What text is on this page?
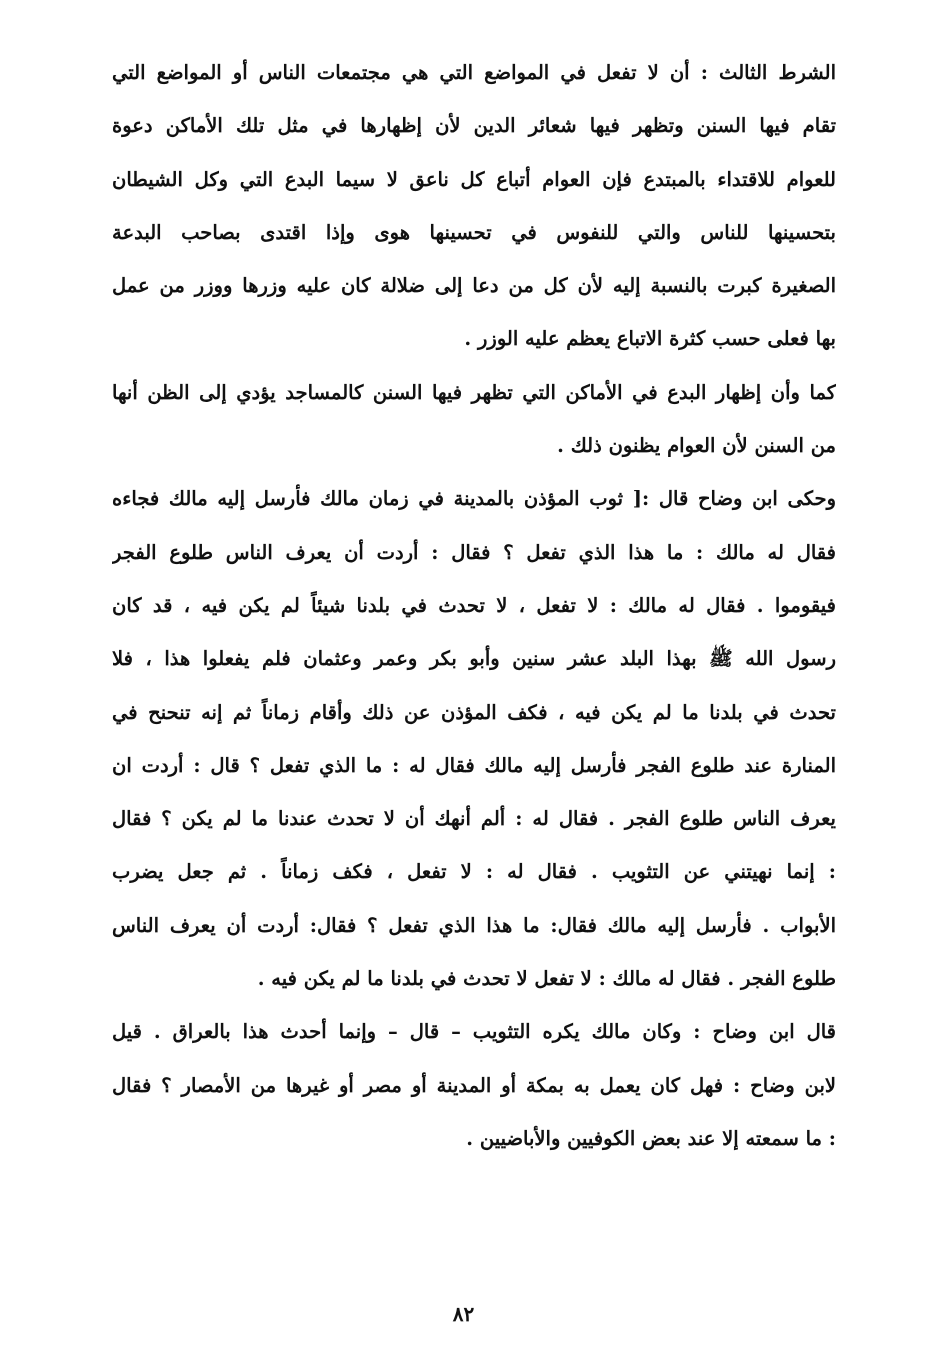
الشرط الثالث : أن لا تفعل في المواضع التي هي مجتمعات الناس أو المواضع التي
تقام فيها السنن وتظهر فيها شعائر الدين لأن إظهارها في مثل تلك الأماكن دعوة
للعوام للاقتداء بالمبتدع فإن العوام أتباع كل ناعق لا سيما البدع التي وكل الشيطان
بتحسينها للناس والتي للنفوس في تحسينها هوى وإذا اقتدى بصاحب البدعة
الصغيرة كبرت بالنسبة إليه لأن كل من دعا إلى ضلالة كان عليه وزرها ووزر من عمل
بها فعلى حسب كثرة الاتباع يعظم عليه الوزر .

كما وأن إظهار البدع في الأماكن التي تظهر فيها السنن كالمساجد يؤدي إلى الظن أنها
من السنن لأن العوام يظنون ذلك .

وحكى ابن وضاح قال :[ ثوب المؤذن بالمدينة في زمان مالك فأرسل إليه مالك فجاءه
فقال له مالك : ما هذا الذي تفعل ؟ فقال : أردت أن يعرف الناس طلوع الفجر
فيقوموا . فقال له مالك : لا تفعل ، لا تحدث في بلدنا شيئاً لم يكن فيه ، قد كان
رسول الله ﷺ بهذا البلد عشر سنين وأبو بكر وعمر وعثمان فلم يفعلوا هذا ، فلا
تحدث في بلدنا ما لم يكن فيه ، فكف المؤذن عن ذلك وأقام زماناً ثم إنه تنحنح في
المنارة عند طلوع الفجر فأرسل إليه مالك فقال له : ما الذي تفعل ؟ قال : أردت ان
يعرف الناس طلوع الفجر . فقال له : ألم أنهك أن لا تحدث عندنا ما لم يكن ؟ فقال
: إنما نهيتني عن التثويب . فقال له : لا تفعل ، فكف زماناً . ثم جعل يضرب
الأبواب . فأرسل إليه مالك فقال: ما هذا الذي تفعل ؟ فقال: أردت أن يعرف الناس
طلوع الفجر . فقال له مالك : لا تفعل لا تحدث في بلدنا ما لم يكن فيه .

قال ابن وضاح : وكان مالك يكره التثويب – قال – وإنما أحدث هذا بالعراق . قيل
لابن وضاح : فهل كان يعمل به بمكة أو المدينة أو مصر أو غيرها من الأمصار ؟ فقال
: ما سمعته إلا عند بعض الكوفيين والأباضيين .

٨٢
